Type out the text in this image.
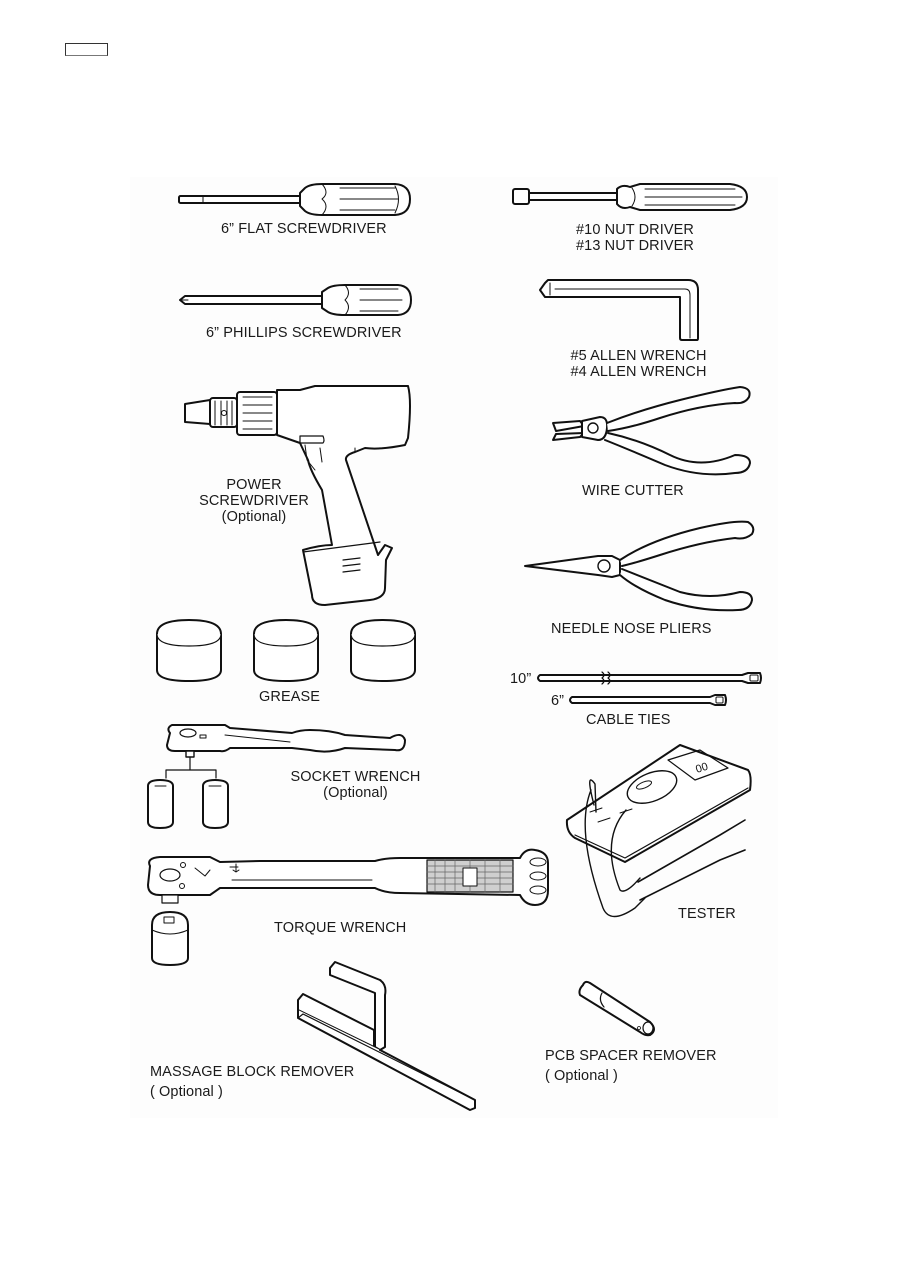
00
6” FLAT SCREWDRIVER	#10 NUT DRIVER
#13 NUT DRIVER
6” PHILLIPS SCREWDRIVER
#5 ALLEN WRENCH
#4 ALLEN WRENCH
POWER
SCREWDRIVER
(Optional)
WIRE CUTTER
NEEDLE NOSE PLIERS
GREASE
10”
6”
CABLE TIES
SOCKET WRENCH
(Optional)
TESTER
TORQUE WRENCH
MASSAGE BLOCK REMOVER
( Optional )
PCB SPACER REMOVER
( Optional )
